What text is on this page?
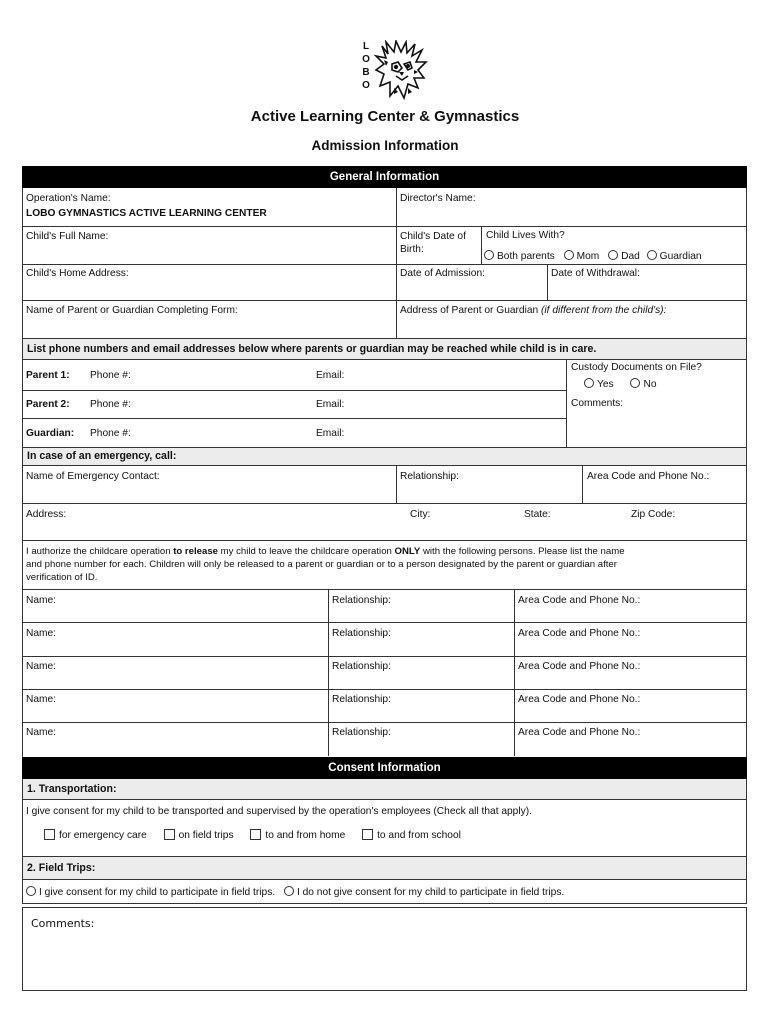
L
O
B
O
Active Learning Center & Gymnastics
Admission Information
General Information
Operation's Name:
LOBO GYMNASTICS ACTIVE LEARNING CENTER
Director's Name:
Child's Full Name:	Child's Date of
Birth:
Child Lives With?
Both parents Mom Dad Guardian
Child's Home Address:	Date of Admission:	Date of Withdrawal:
Name of Parent or Guardian Completing Form:	Address of Parent or Guardian (if different from the child's):
List phone numbers and email addresses below where parents or guardian may be reached while child is in care.
Parent 1: Phone #:	Email:
Parent 2: Phone #:	Email:
Guardian: Phone #:	Email:
Custody Documents on File?
Yes	No
Comments:
In case of an emergency, call:
Name of Emergency Contact:	Relationship:	Area Code and Phone No.:
Address:	City:	State:	Zip Code:
I authorize the childcare operation to release my child to leave the childcare operation ONLY with the following persons. Please list the name
and phone number for each. Children will only be released to a parent or guardian or to a person designated by the parent or guardian after
verification of ID.
Name:	Relationship:	Area Code and Phone No.:
Name:	Relationship:	Area Code and Phone No.:
Name:	Relationship:	Area Code and Phone No.:
Name:	Relationship:	Area Code and Phone No.:
Name:	Relationship:	Area Code and Phone No.:
Consent Information
1. Transportation:
I give consent for my child to be transported and supervised by the operation's employees (Check all that apply).
for emergency care	on field trips	to and from home	to and from school
2. Field Trips:
I give consent for my child to participate in field trips. I do not give consent for my child to participate in field trips.
Comments:
